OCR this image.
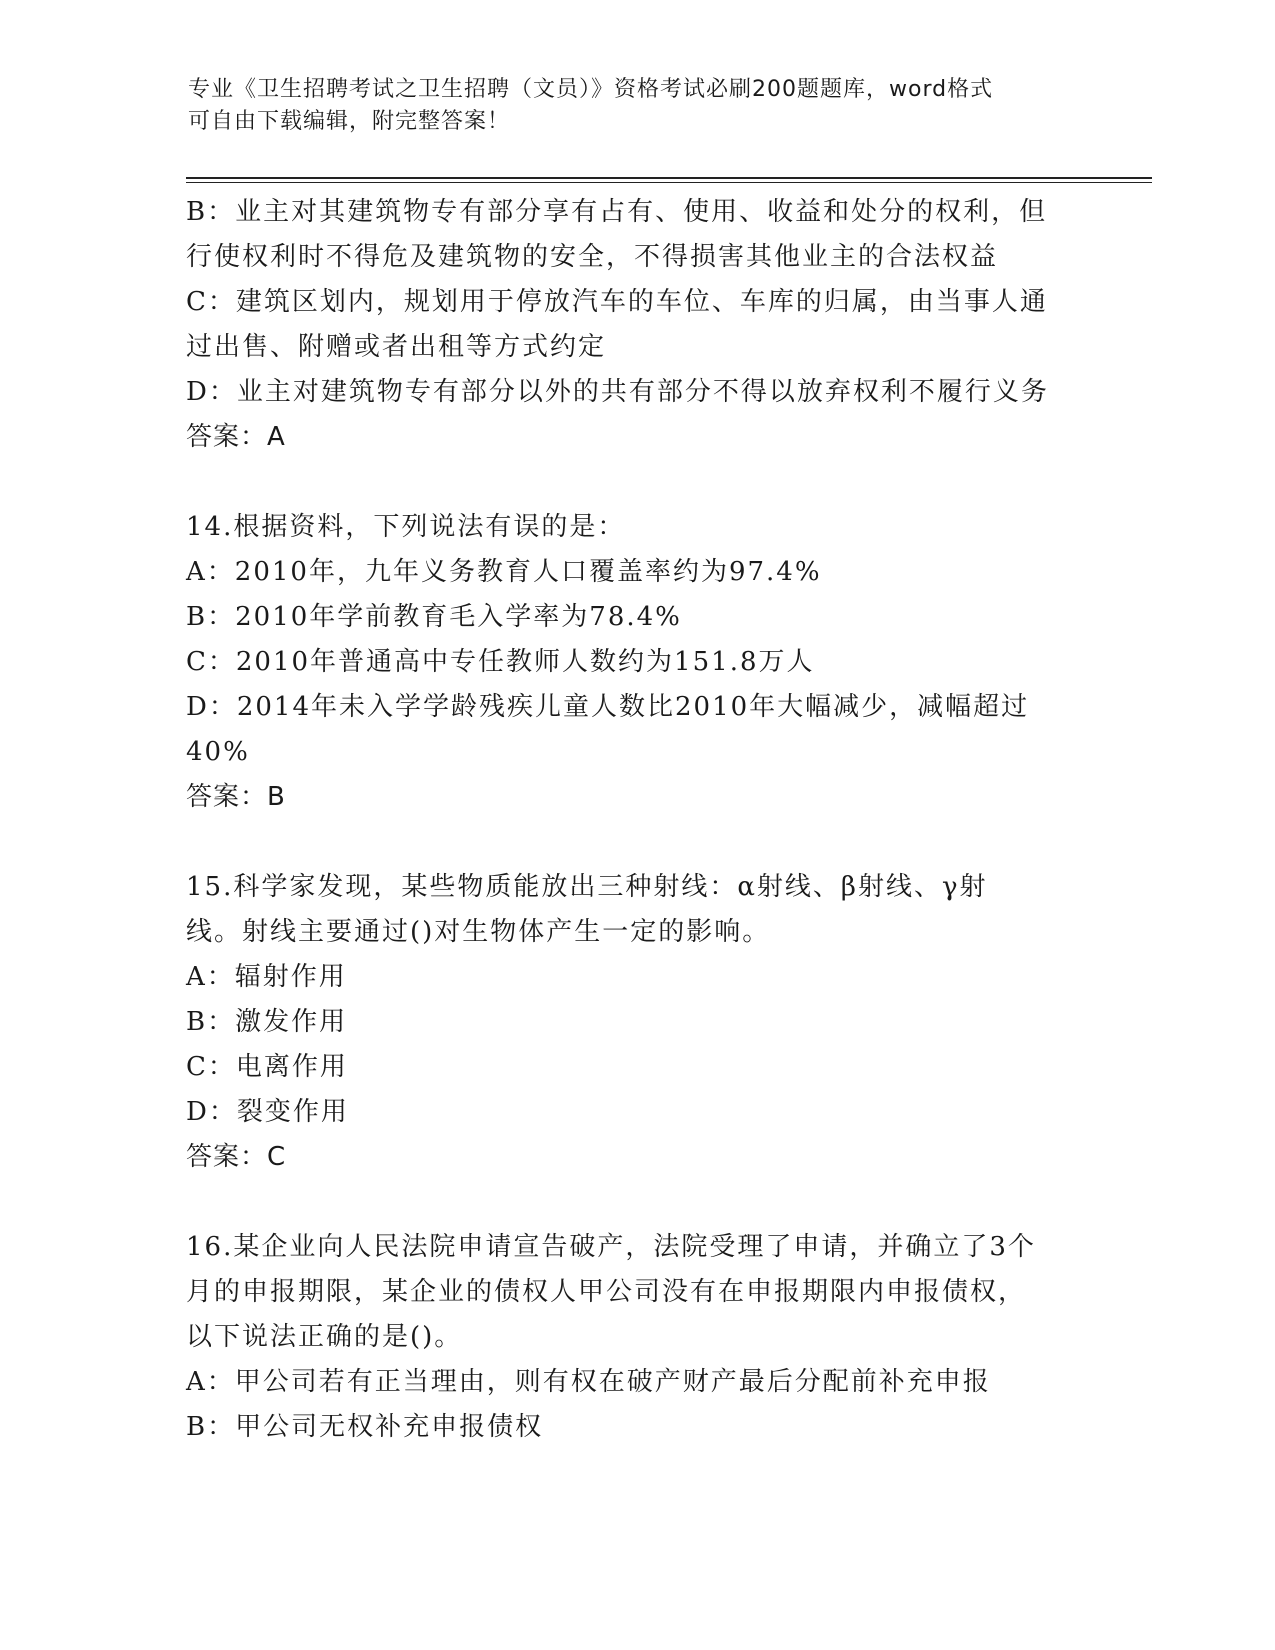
专业《卫生招聘考试之卫生招聘（文员）》资格考试必刷200题题库，word格式
可自由下载编辑，附完整答案！
B：业主对其建筑物专有部分享有占有、使用、收益和处分的权利，但
行使权利时不得危及建筑物的安全，不得损害其他业主的合法权益
C：建筑区划内，规划用于停放汽车的车位、车库的归属，由当事人通
过出售、附赠或者出租等方式约定
D：业主对建筑物专有部分以外的共有部分不得以放弃权利不履行义务
答案：A
14.根据资料，下列说法有误的是：
A：2010年，九年义务教育人口覆盖率约为97.4%
B：2010年学前教育毛入学率为78.4%
C：2010年普通高中专任教师人数约为151.8万人
D：2014年未入学学龄残疾儿童人数比2010年大幅减少，减幅超过
40%
答案：B
15.科学家发现，某些物质能放出三种射线：α射线、β射线、γ射
线。射线主要通过()对生物体产生一定的影响。
A：辐射作用
B：激发作用
C：电离作用
D：裂变作用
答案：C
16.某企业向人民法院申请宣告破产，法院受理了申请，并确立了3个
月的申报期限，某企业的债权人甲公司没有在申报期限内申报债权，
以下说法正确的是()。
A：甲公司若有正当理由，则有权在破产财产最后分配前补充申报
B：甲公司无权补充申报债权
